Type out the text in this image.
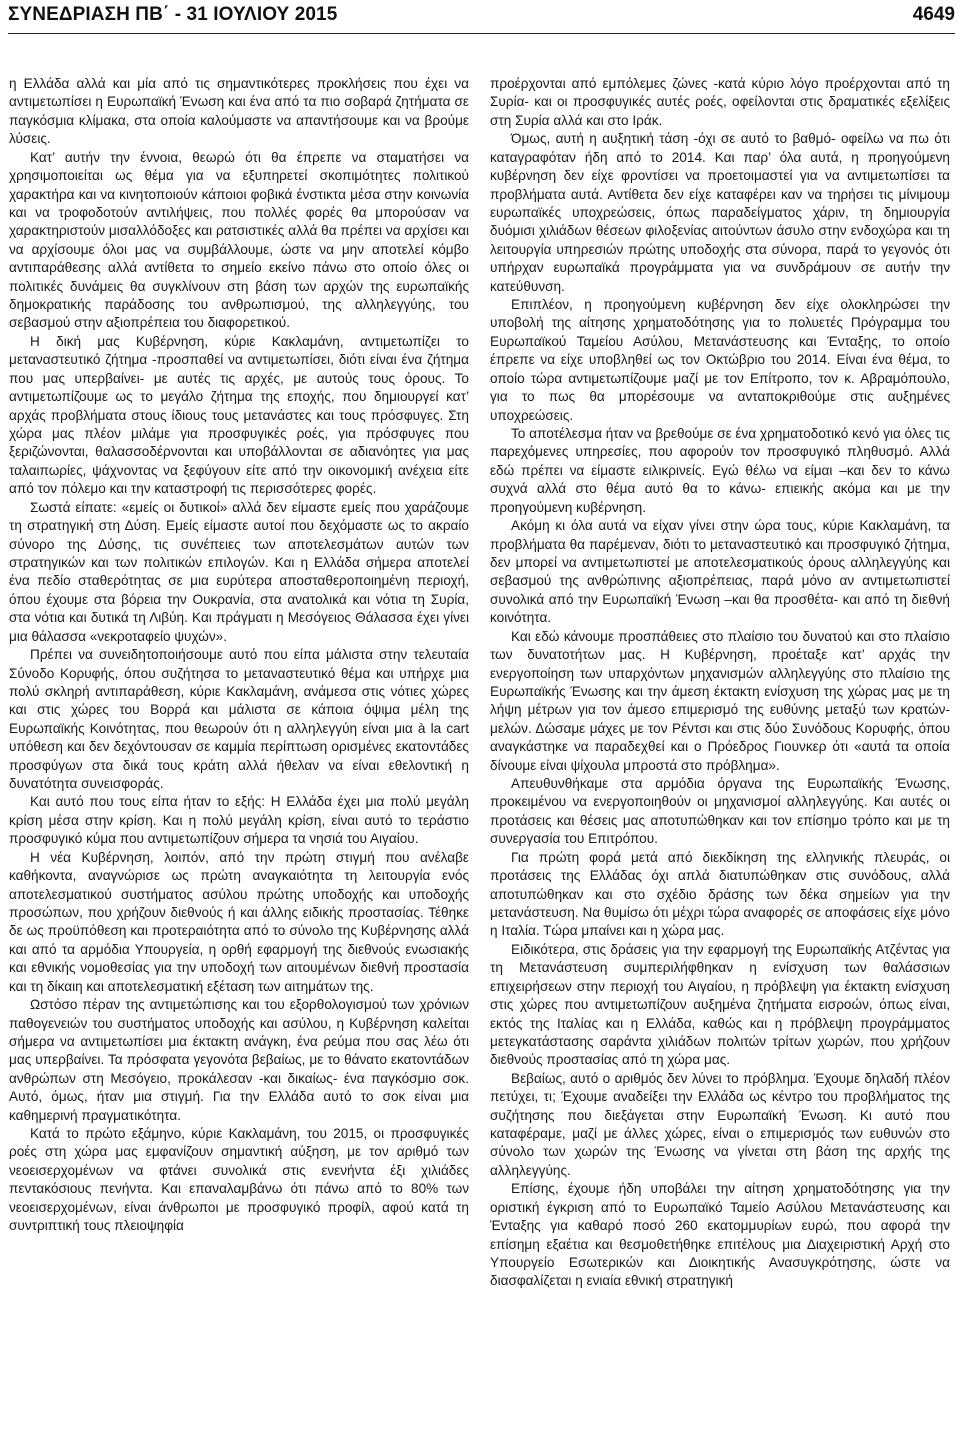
ΣΥΝΕΔΡΙΑΣΗ ΠΒ΄ - 31 ΙΟΥΛΙΟΥ 2015	4649

η Ελλάδα αλλά και μία από τις σημαντικότερες προκλήσεις που έχει να αντιμετωπίσει η Ευρωπαϊκή Ένωση και ένα από τα πιο σοβαρά ζητήματα σε παγκόσμια κλίμακα, στα οποία καλούμαστε να απαντήσουμε και να βρούμε λύσεις.

Κατ’ αυτήν την έννοια, θεωρώ ότι θα έπρεπε να σταματήσει να χρησιμοποιείται ως θέμα για να εξυπηρετεί σκοπιμότητες πολιτικού χαρακτήρα και να κινητοποιούν κάποιοι φοβικά ένστικτα μέσα στην κοινωνία και να τροφοδοτούν αντιλήψεις, που πολλές φορές θα μπορούσαν να χαρακτηριστούν μισαλλόδοξες και ρατσιστικές αλλά θα πρέπει να αρχίσει και να αρχίσουμε όλοι μας να συμβάλλουμε, ώστε να μην αποτελεί κόμβο αντιπαράθεσης αλλά αντίθετα το σημείο εκείνο πάνω στο οποίο όλες οι πολιτικές δυνάμεις θα συγκλίνουν στη βάση των αρχών της ευρωπαϊκής δημοκρατικής παράδοσης του ανθρωπισμού, της αλληλεγγύης, του σεβασμού στην αξιοπρέπεια του διαφορετικού.

Η δική μας Κυβέρνηση, κύριε Κακλαμάνη, αντιμετωπίζει το μεταναστευτικό ζήτημα -προσπαθεί να αντιμετωπίσει, διότι είναι ένα ζήτημα που μας υπερβαίνει- με αυτές τις αρχές, με αυτούς τους όρους. Το αντιμετωπίζουμε ως το μεγάλο ζήτημα της εποχής, που δημιουργεί κατ’ αρχάς προβλήματα στους ίδιους τους μετανάστες και τους πρόσφυγες. Στη χώρα μας πλέον μιλάμε για προσφυγικές ροές, για πρόσφυγες που ξεριζώνονται, θαλασσοδέρνονται και υποβάλλονται σε αδιανόητες για μας ταλαιπωρίες, ψάχνοντας να ξεφύγουν είτε από την οικονομική ανέχεια είτε από τον πόλεμο και την καταστροφή τις περισσότερες φορές.

Σωστά είπατε: «εμείς οι δυτικοί» αλλά δεν είμαστε εμείς που χαράζουμε τη στρατηγική στη Δύση. Εμείς είμαστε αυτοί που δεχόμαστε ως το ακραίο σύνορο της Δύσης, τις συνέπειες των αποτελεσμάτων αυτών των στρατηγικών και των πολιτικών επιλογών. Και η Ελλάδα σήμερα αποτελεί ένα πεδίο σταθερότητας σε μια ευρύτερα αποσταθεροποιημένη περιοχή, όπου έχουμε στα βόρεια την Ουκρανία, στα ανατολικά και νότια τη Συρία, στα νότια και δυτικά τη Λιβύη. Και πράγματι η Μεσόγειος Θάλασσα έχει γίνει μια θάλασσα «νεκροταφείο ψυχών».

Πρέπει να συνειδητοποιήσουμε αυτό που είπα μάλιστα στην τελευταία Σύνοδο Κορυφής, όπου συζήτησα το μεταναστευτικό θέμα και υπήρχε μια πολύ σκληρή αντιπαράθεση, κύριε Κακλαμάνη, ανάμεσα στις νότιες χώρες και στις χώρες του Βορρά και μάλιστα σε κάποια όψιμα μέλη της Ευρωπαϊκής Κοινότητας, που θεωρούν ότι η αλληλεγγύη είναι μια à la cart υπόθεση και δεν δεχόντουσαν σε καμμία περίπτωση ορισμένες εκατοντάδες προσφύγων στα δικά τους κράτη αλλά ήθελαν να είναι εθελοντική η δυνατότητα συνεισφοράς.

Και αυτό που τους είπα ήταν το εξής: Η Ελλάδα έχει μια πολύ μεγάλη κρίση μέσα στην κρίση. Και η πολύ μεγάλη κρίση, είναι αυτό το τεράστιο προσφυγικό κύμα που αντιμετωπίζουν σήμερα τα νησιά του Αιγαίου.

Η νέα Κυβέρνηση, λοιπόν, από την πρώτη στιγμή που ανέλαβε καθήκοντα, αναγνώρισε ως πρώτη αναγκαιότητα τη λειτουργία ενός αποτελεσματικού συστήματος ασύλου πρώτης υποδοχής και υποδοχής προσώπων, που χρήζουν διεθνούς ή και άλλης ειδικής προστασίας. Τέθηκε δε ως προϋπόθεση και προτεραιότητα από το σύνολο της Κυβέρνησης αλλά και από τα αρμόδια Υπουργεία, η ορθή εφαρμογή της διεθνούς ενωσιακής και εθνικής νομοθεσίας για την υποδοχή των αιτουμένων διεθνή προστασία και τη δίκαιη και αποτελεσματική εξέταση των αιτημάτων της.

Ωστόσο πέραν της αντιμετώπισης και του εξορθολογισμού των χρόνιων παθογενειών του συστήματος υποδοχής και ασύλου, η Κυβέρνηση καλείται σήμερα να αντιμετωπίσει μια έκτακτη ανάγκη, ένα ρεύμα που σας λέω ότι μας υπερβαίνει. Τα πρόσφατα γεγονότα βεβαίως, με το θάνατο εκατοντάδων ανθρώπων στη Μεσόγειο, προκάλεσαν -και δικαίως- ένα παγκόσμιο σοκ. Αυτό, όμως, ήταν μια στιγμή. Για την Ελλάδα αυτό το σοκ είναι μια καθημερινή πραγματικότητα.

Κατά το πρώτο εξάμηνο, κύριε Κακλαμάνη, του 2015, οι προσφυγικές ροές στη χώρα μας εμφανίζουν σημαντική αύξηση, με τον αριθμό των νεοεισερχομένων να φτάνει συνολικά στις ενενήντα έξι χιλιάδες πεντακόσιους πενήντα. Και επαναλαμβάνω ότι πάνω από το 80% των νεοεισερχομένων, είναι άνθρωποι με προσφυγικό προφίλ, αφού κατά τη συντριπτική τους πλειοψηφία

προέρχονται από εμπόλεμες ζώνες -κατά κύριο λόγο προέρχονται από τη Συρία- και οι προσφυγικές αυτές ροές, οφείλονται στις δραματικές εξελίξεις στη Συρία αλλά και στο Ιράκ.

Όμως, αυτή η αυξητική τάση -όχι σε αυτό το βαθμό- οφείλω να πω ότι καταγραφόταν ήδη από το 2014. Και παρ’ όλα αυτά, η προηγούμενη κυβέρνηση δεν είχε φροντίσει να προετοιμαστεί για να αντιμετωπίσει τα προβλήματα αυτά. Αντίθετα δεν είχε καταφέρει καν να τηρήσει τις μίνιμουμ ευρωπαϊκές υποχρεώσεις, όπως παραδείγματος χάριν, τη δημιουργία δυόμισι χιλιάδων θέσεων φιλοξενίας αιτούντων άσυλο στην ενδοχώρα και τη λειτουργία υπηρεσιών πρώτης υποδοχής στα σύνορα, παρά το γεγονός ότι υπήρχαν ευρωπαϊκά προγράμματα για να συνδράμουν σε αυτήν την κατεύθυνση.

Επιπλέον, η προηγούμενη κυβέρνηση δεν είχε ολοκληρώσει την υποβολή της αίτησης χρηματοδότησης για το πολυετές Πρόγραμμα του Ευρωπαϊκού Ταμείου Ασύλου, Μετανάστευσης και Ένταξης, το οποίο έπρεπε να είχε υποβληθεί ως τον Οκτώβριο του 2014. Είναι ένα θέμα, το οποίο τώρα αντιμετωπίζουμε μαζί με τον Επίτροπο, τον κ. Αβραμόπουλο, για το πως θα μπορέσουμε να ανταποκριθούμε στις αυξημένες υποχρεώσεις.

Το αποτέλεσμα ήταν να βρεθούμε σε ένα χρηματοδοτικό κενό για όλες τις παρεχόμενες υπηρεσίες, που αφορούν τον προσφυγικό πληθυσμό. Αλλά εδώ πρέπει να είμαστε ειλικρινείς. Εγώ θέλω να είμαι –και δεν το κάνω συχνά αλλά στο θέμα αυτό θα το κάνω- επιεικής ακόμα και με την προηγούμενη κυβέρνηση.

Ακόμη κι όλα αυτά να είχαν γίνει στην ώρα τους, κύριε Κακλαμάνη, τα προβλήματα θα παρέμεναν, διότι το μεταναστευτικό και προσφυγικό ζήτημα, δεν μπορεί να αντιμετωπιστεί με αποτελεσματικούς όρους αλληλεγγύης και σεβασμού της ανθρώπινης αξιοπρέπειας, παρά μόνο αν αντιμετωπιστεί συνολικά από την Ευρωπαϊκή Ένωση –και θα προσθέτα- και από τη διεθνή κοινότητα.

Και εδώ κάνουμε προσπάθειες στο πλαίσιο του δυνατού και στο πλαίσιο των δυνατοτήτων μας. Η Κυβέρνηση, προέταξε κατ’ αρχάς την ενεργοποίηση των υπαρχόντων μηχανισμών αλληλεγγύης στο πλαίσιο της Ευρωπαϊκής Ένωσης και την άμεση έκτακτη ενίσχυση της χώρας μας με τη λήψη μέτρων για τον άμεσο επιμερισμό της ευθύνης μεταξύ των κρατών-μελών. Δώσαμε μάχες με τον Ρέντσι και στις δύο Συνόδους Κορυφής, όπου αναγκάστηκε να παραδεχθεί και ο Πρόεδρος Γιουνκερ ότι «αυτά τα οποία δίνουμε είναι ψίχουλα μπροστά στο πρόβλημα».

Απευθυνθήκαμε στα αρμόδια όργανα της Ευρωπαϊκής Ένωσης, προκειμένου να ενεργοποιηθούν οι μηχανισμοί αλληλεγγύης. Και αυτές οι προτάσεις και θέσεις μας αποτυπώθηκαν και τον επίσημο τρόπο και με τη συνεργασία του Επιτρόπου.

Για πρώτη φορά μετά από διεκδίκηση της ελληνικής πλευράς, οι προτάσεις της Ελλάδας όχι απλά διατυπώθηκαν στις συνόδους, αλλά αποτυπώθηκαν και στο σχέδιο δράσης των δέκα σημείων για την μετανάστευση. Να θυμίσω ότι μέχρι τώρα αναφορές σε αποφάσεις είχε μόνο η Ιταλία. Τώρα μπαίνει και η χώρα μας.

Ειδικότερα, στις δράσεις για την εφαρμογή της Ευρωπαϊκής Ατζέντας για τη Μετανάστευση συμπεριλήφθηκαν η ενίσχυση των θαλάσσιων επιχειρήσεων στην περιοχή του Αιγαίου, η πρόβλεψη για έκτακτη ενίσχυση στις χώρες που αντιμετωπίζουν αυξημένα ζητήματα εισροών, όπως είναι, εκτός της Ιταλίας και η Ελλάδα, καθώς και η πρόβλεψη προγράμματος μετεγκατάστασης σαράντα χιλιάδων πολιτών τρίτων χωρών, που χρήζουν διεθνούς προστασίας από τη χώρα μας.

Βεβαίως, αυτό ο αριθμός δεν λύνει το πρόβλημα. Έχουμε δηλαδή πλέον πετύχει, τι; Έχουμε αναδείξει την Ελλάδα ως κέντρο του προβλήματος της συζήτησης που διεξάγεται στην Ευρωπαϊκή Ένωση. Κι αυτό που καταφέραμε, μαζί με άλλες χώρες, είναι ο επιμερισμός των ευθυνών στο σύνολο των χωρών της Ένωσης να γίνεται στη βάση της αρχής της αλληλεγγύης.

Επίσης, έχουμε ήδη υποβάλει την αίτηση χρηματοδότησης για την οριστική έγκριση από το Ευρωπαϊκό Ταμείο Ασύλου Μετανάστευσης και Ένταξης για καθαρό ποσό 260 εκατομμυρίων ευρώ, που αφορά την επίσημη εξαέτια και θεσμοθετήθηκε επιτέλους μια Διαχειριστική Αρχή στο Υπουργείο Εσωτερικών και Διοικητικής Ανασυγκρότησης, ώστε να διασφαλίζεται η ενιαία εθνική στρατηγική
